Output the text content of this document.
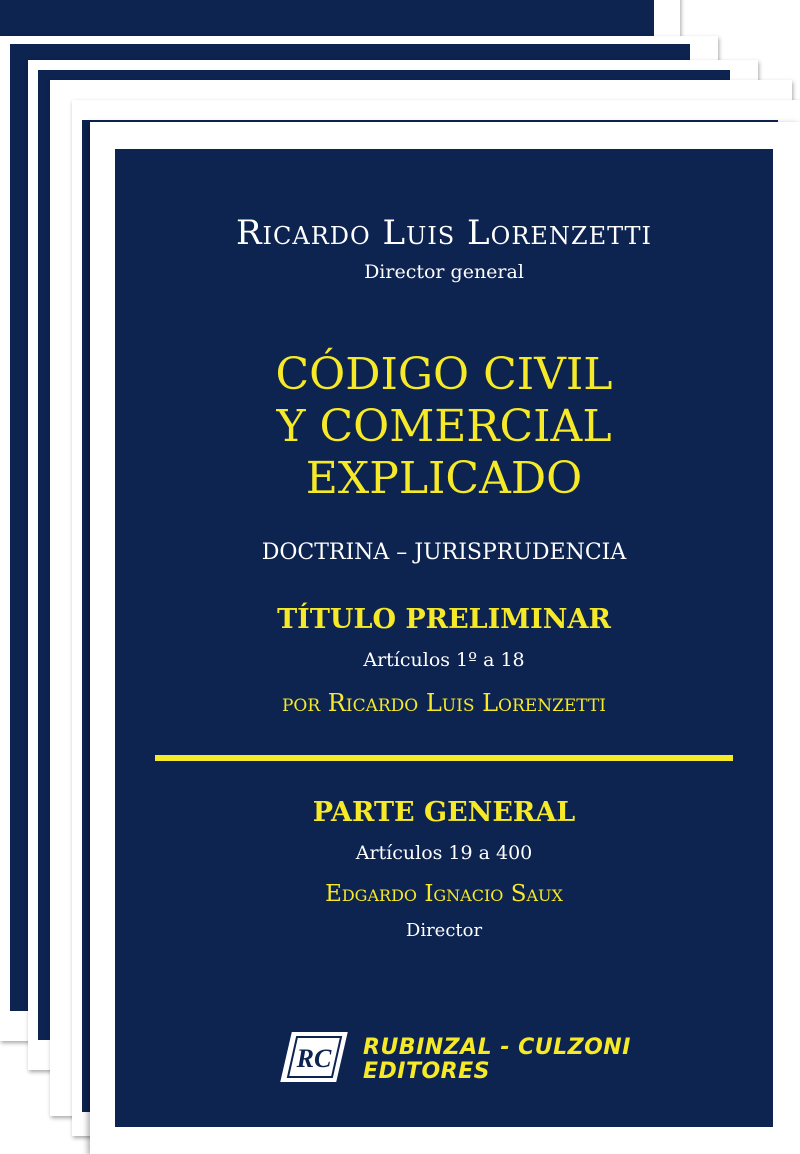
Ricardo Luis Lorenzetti

Director general

CÓDIGO CIVIL
Y COMERCIAL
EXPLICADO

DOCTRINA – JURISPRUDENCIA

TÍTULO PRELIMINAR

Artículos 1º a 18

por Ricardo Luis Lorenzetti

PARTE GENERAL

Artículos 19 a 400

Edgardo Ignacio Saux

Director

RC RUBINZAL - CULZONI
EDITORES
